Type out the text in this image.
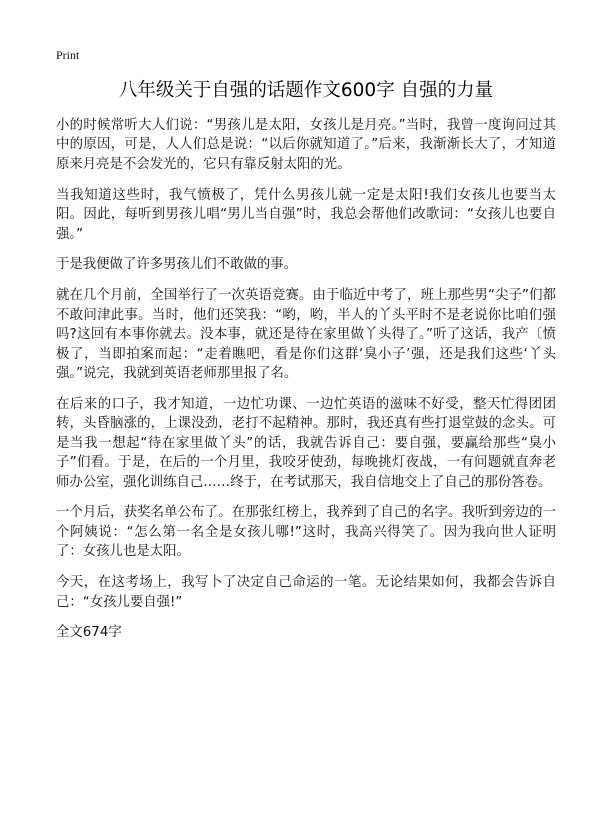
Print
八年级关于自强的话题作文600字 自强的力量

小的时候常听大人们说：“男孩儿是太阳，女孩儿是月亮。”当时，我曾一度询问过其中的原因，可是，人人们总是说：“以后你就知道了。”后来，我渐渐长大了，才知道原来月亮是不会发光的，它只有靠反射太阳的光。

当我知道这些时，我气愤极了，凭什么男孩儿就一定是太阳!我们女孩儿也要当太阳。因此，每听到男孩儿唱“男儿当自强”时，我总会帮他们改歌词：“女孩儿也要自强。”

于是我便做了许多男孩儿们不敢做的事。

就在几个月前，全国举行了一次英语竞赛。由于临近中考了，班上那些男“尖子”们都不敢问津此事。当时，他们还笑我：“哟，哟，半人的丫头平时不是老说你比咱们强吗?这回有本事你就去。没本事，就还是待在家里做丫头得了。”听了这话，我产〔愤极了，当即拍案而起：“走着瞧吧，看是你们这群‘臭小子’强，还是我们这些‘丫头强。”说完，我就到英语老师那里报了名。

在后来的口子，我才知道，一边忙功课、一边忙英语的滋味不好受，整天忙得团团转，头昏脑涨的，上课没劲，老打不起精神。那时，我还真有些打退堂鼓的念头。可是当我一想起“待在家里做丫头”的话，我就告诉自己：要自强，要赢给那些“臭小子”们看。于是，在后的一个月里，我咬牙使劲，每晚挑灯夜战，一有问题就直奔老师办公室，强化训练自己……终于，在考试那天，我自信地交上了自己的那份答卷。

一个月后，获奖名单公布了。在那张红榜上，我养到了自己的名字。我听到旁边的一个阿姨说：“怎么第一名全是女孩儿哪!”这时，我高兴得笑了。因为我向世人证明了：女孩儿也是太阳。

今天，在这考场上，我写卜了决定自己命运的一笔。无论结果如何，我都会告诉自己：“女孩儿要自强!”

全文674字
